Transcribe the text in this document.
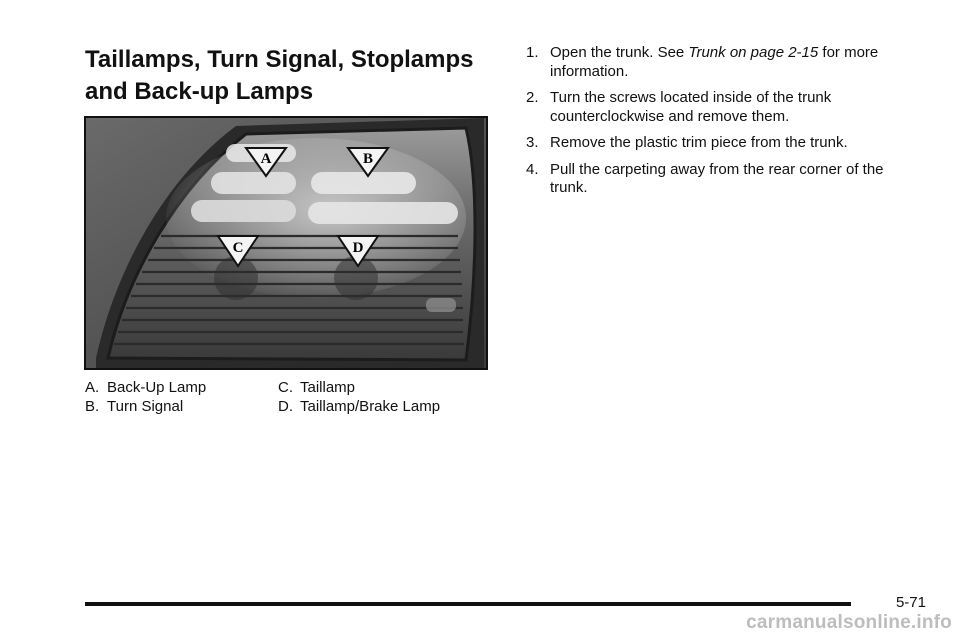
Taillamps, Turn Signal, Stoplamps and Back-up Lamps
A	B
C	D
A. Back-Up Lamp	C. Taillamp
B. Turn Signal	D. Taillamp/Brake Lamp
1. Open the trunk. See Trunk on page 2-15 for more information.
2. Turn the screws located inside of the trunk counterclockwise and remove them.
3. Remove the plastic trim piece from the trunk.
4. Pull the carpeting away from the rear corner of the trunk.
5-71
carmanualsonline.info
